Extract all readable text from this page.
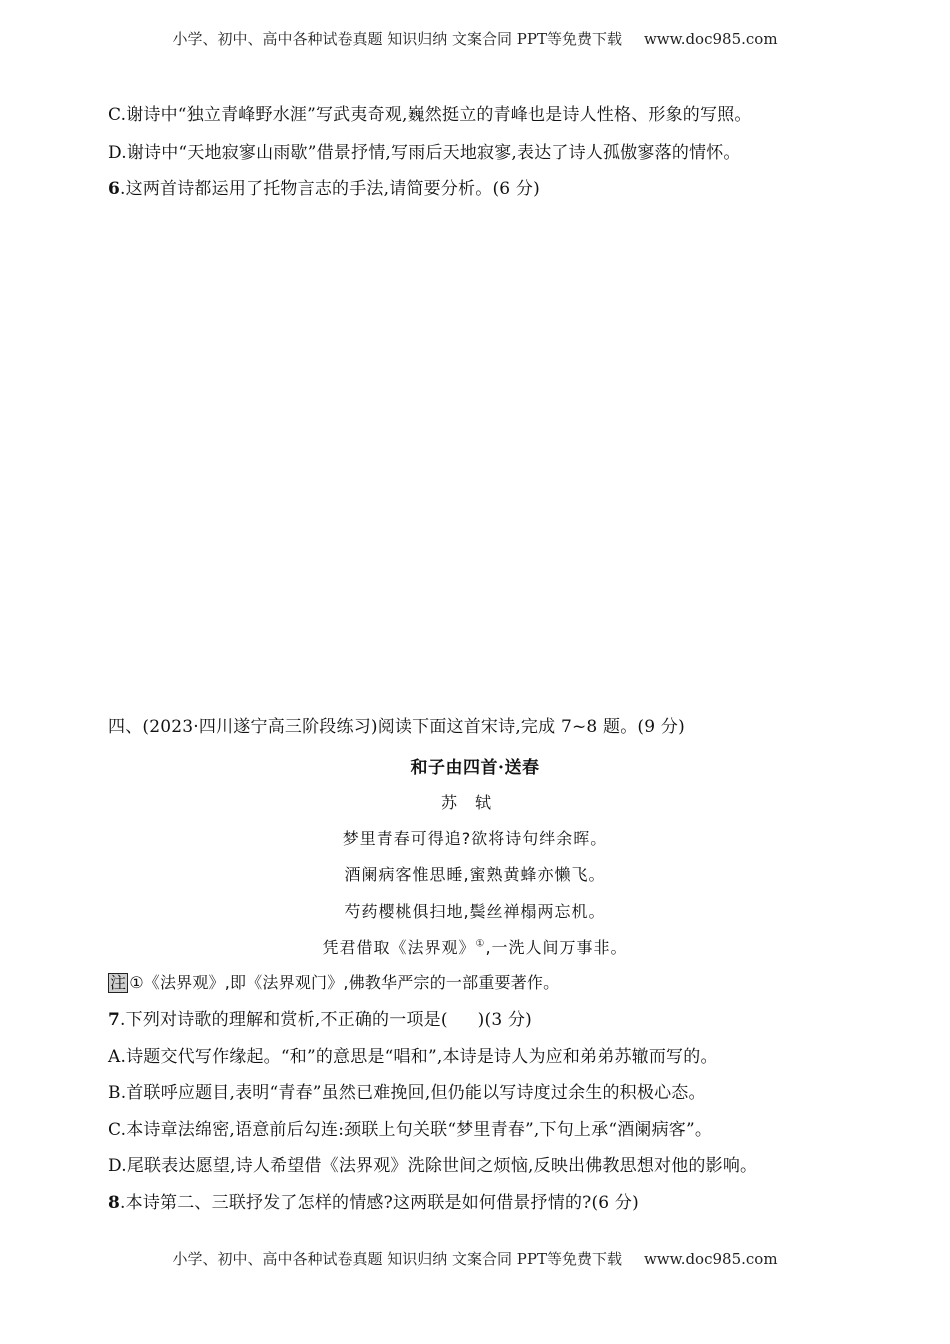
小学、初中、高中各种试卷真题 知识归纳 文案合同 PPT等免费下载 www.doc985.com
C.谢诗中“独立青峰野水涯”写武夷奇观,巍然挺立的青峰也是诗人性格、形象的写照。
D.谢诗中“天地寂寥山雨歇”借景抒情,写雨后天地寂寥,表达了诗人孤傲寥落的情怀。
6.这两首诗都运用了托物言志的手法,请简要分析。(6 分)
四、(2023·四川遂宁高三阶段练习)阅读下面这首宋诗,完成 7~8 题。(9 分)
和子由四首·送春
苏轼
梦里青春可得追?欲将诗句绊余晖。
酒阑病客惟思睡,蜜熟黄蜂亦懒飞。
芍药樱桃俱扫地,鬓丝禅榻两忘机。
凭君借取《法界观》①,一洗人间万事非。
注 ①《法界观》,即《法界观门》,佛教华严宗的一部重要著作。
7.下列对诗歌的理解和赏析,不正确的一项是( )(3 分)
A.诗题交代写作缘起。“和”的意思是“唱和”,本诗是诗人为应和弟弟苏辙而写的。
B.首联呼应题目,表明“青春”虽然已难挽回,但仍能以写诗度过余生的积极心态。
C.本诗章法绵密,语意前后勾连:颈联上句关联“梦里青春”,下句上承“酒阑病客”。
D.尾联表达愿望,诗人希望借《法界观》洗除世间之烦恼,反映出佛教思想对他的影响。
8.本诗第二、三联抒发了怎样的情感?这两联是如何借景抒情的?(6 分)
小学、初中、高中各种试卷真题 知识归纳 文案合同 PPT等免费下载 www.doc985.com
